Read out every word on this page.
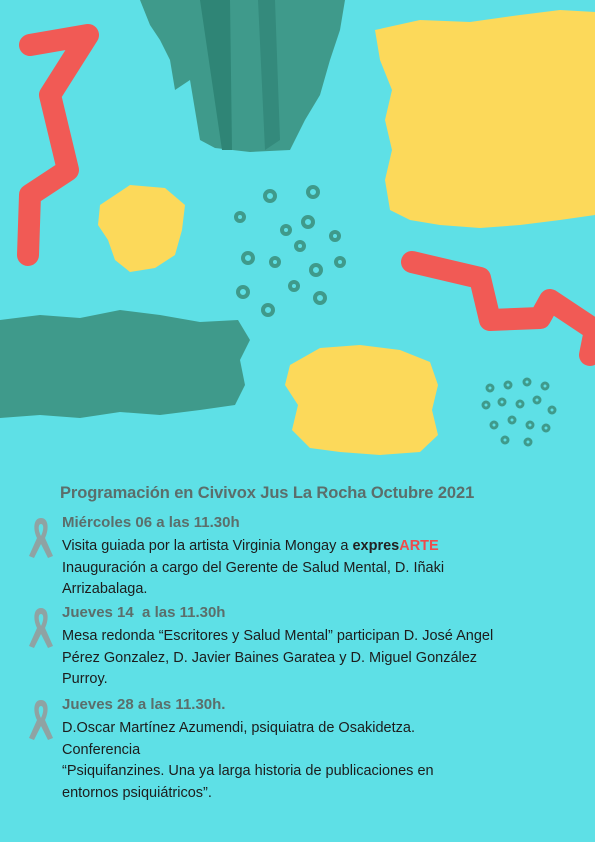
Programación en Civivox Jus La Rocha Octubre 2021
Miércoles 06 a las 11.30h
Visita guiada por la artista Virginia Mongay a expresARTE
Inauguración a cargo del Gerente de Salud Mental, D. Iñaki
Arrizabalaga.
Jueves 14  a las 11.30h
Mesa redonda “Escritores y Salud Mental” participan D. José Angel
Pérez Gonzalez, D. Javier Baines Garatea y D. Miguel González
Purroy.
Jueves 28 a las 11.30h.
D.Oscar Martínez Azumendi, psiquiatra de Osakidetza.
Conferencia
“Psiquifanzines. Una ya larga historia de publicaciones en
entornos psiquiátricos”.
